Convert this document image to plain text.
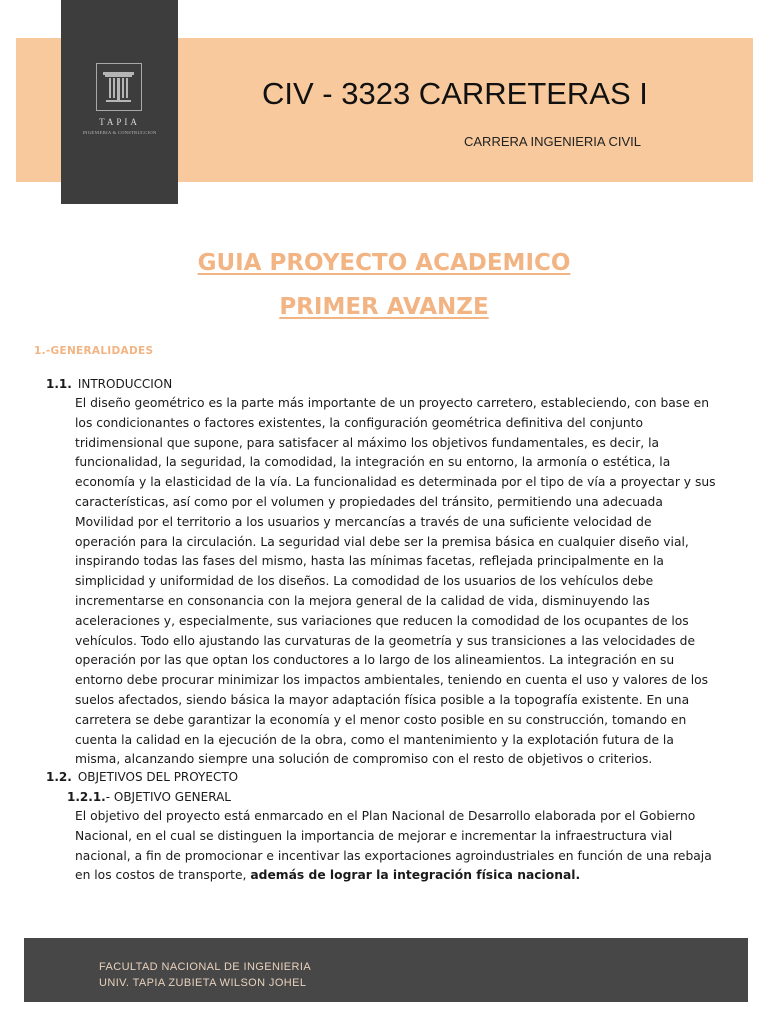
TAPIA
INGENIERIA & CONSTRUCCION
CIV - 3323 CARRETERAS I
CARRERA INGENIERIA CIVIL
GUIA PROYECTO ACADEMICO
PRIMER AVANZE
1.-GENERALIDADES
1.1. INTRODUCCION
El diseño geométrico es la parte más importante de un proyecto carretero, estableciendo, con base en
los condicionantes o factores existentes, la configuración geométrica definitiva del conjunto
tridimensional que supone, para satisfacer al máximo los objetivos fundamentales, es decir, la
funcionalidad, la seguridad, la comodidad, la integración en su entorno, la armonía o estética, la
economía y la elasticidad de la vía. La funcionalidad es determinada por el tipo de vía a proyectar y sus
características, así como por el volumen y propiedades del tránsito, permitiendo una adecuada
Movilidad por el territorio a los usuarios y mercancías a través de una suficiente velocidad de
operación para la circulación. La seguridad vial debe ser la premisa básica en cualquier diseño vial,
inspirando todas las fases del mismo, hasta las mínimas facetas, reflejada principalmente en la
simplicidad y uniformidad de los diseños. La comodidad de los usuarios de los vehículos debe
incrementarse en consonancia con la mejora general de la calidad de vida, disminuyendo las
aceleraciones y, especialmente, sus variaciones que reducen la comodidad de los ocupantes de los
vehículos. Todo ello ajustando las curvaturas de la geometría y sus transiciones a las velocidades de
operación por las que optan los conductores a lo largo de los alineamientos. La integración en su
entorno debe procurar minimizar los impactos ambientales, teniendo en cuenta el uso y valores de los
suelos afectados, siendo básica la mayor adaptación física posible a la topografía existente. En una
carretera se debe garantizar la economía y el menor costo posible en su construcción, tomando en
cuenta la calidad en la ejecución de la obra, como el mantenimiento y la explotación futura de la
misma, alcanzando siempre una solución de compromiso con el resto de objetivos o criterios.
1.2. OBJETIVOS DEL PROYECTO
1.2.1.- OBJETIVO GENERAL
El objetivo del proyecto está enmarcado en el Plan Nacional de Desarrollo elaborada por el Gobierno
Nacional, en el cual se distinguen la importancia de mejorar e incrementar la infraestructura vial
nacional, a fin de promocionar e incentivar las exportaciones agroindustriales en función de una rebaja
en los costos de transporte, además de lograr la integración física nacional.
FACULTAD NACIONAL DE INGENIERIA
UNIV. TAPIA ZUBIETA WILSON JOHEL
